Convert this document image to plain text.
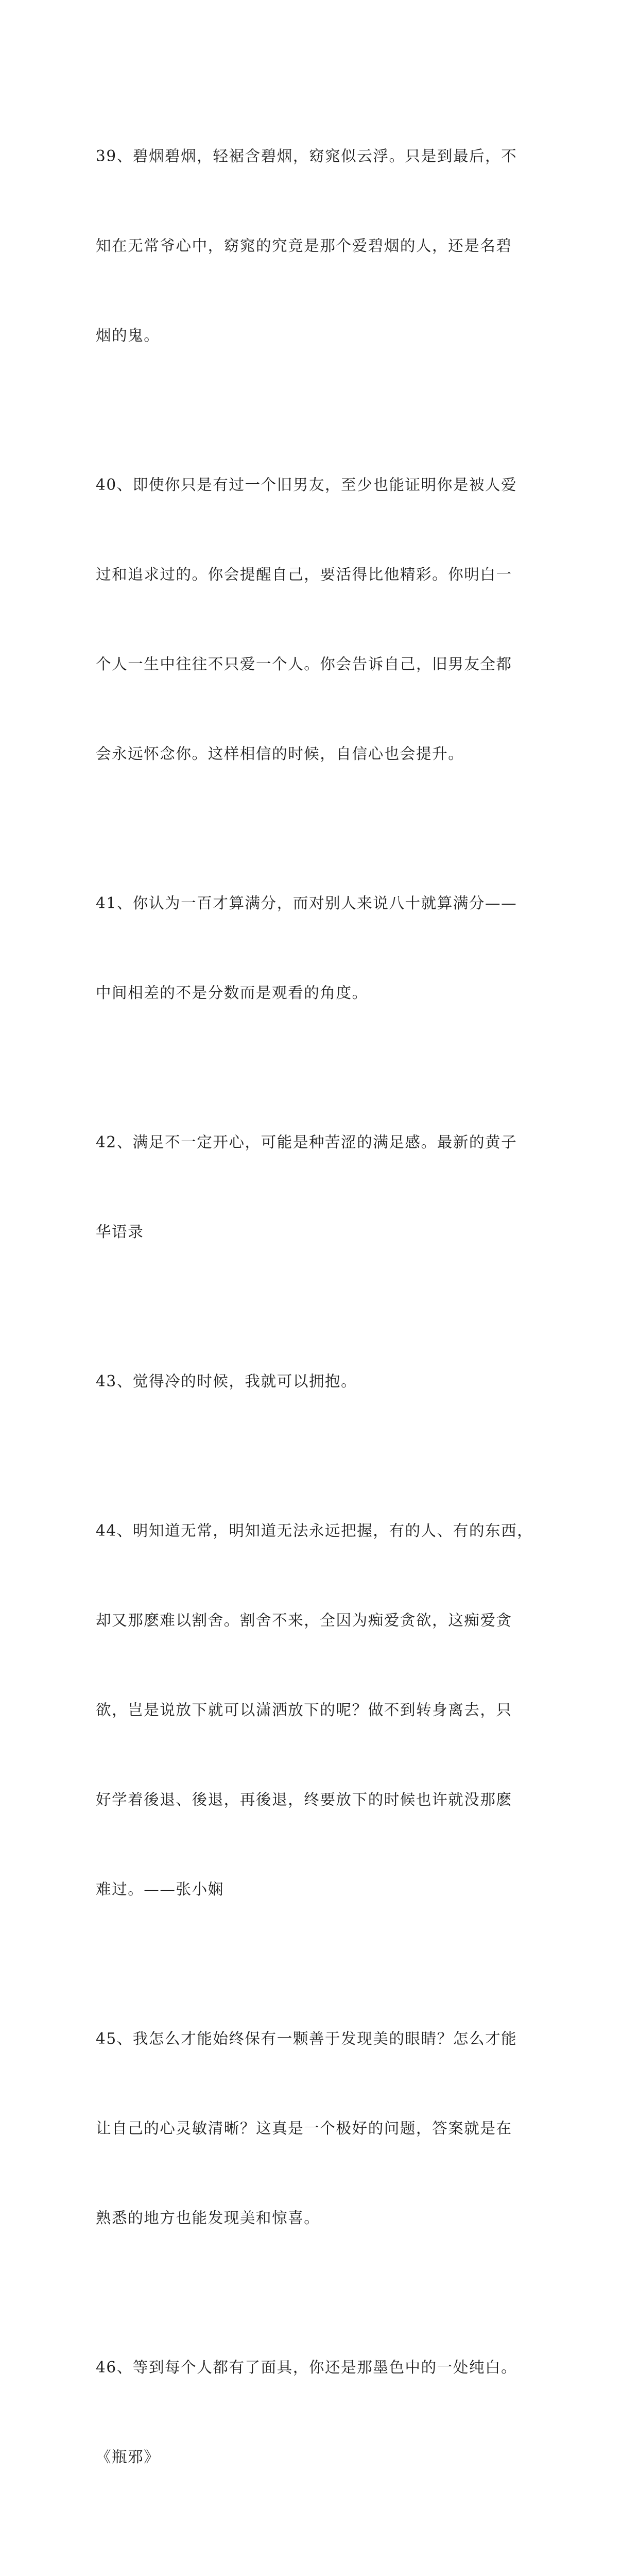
39、碧烟碧烟，轻裾含碧烟，窈窕似云浮。只是到最后，不

知在无常爷心中，窈窕的究竟是那个爱碧烟的人，还是名碧

烟的鬼。

40、即使你只是有过一个旧男友，至少也能证明你是被人爱

过和追求过的。你会提醒自己，要活得比他精彩。你明白一

个人一生中往往不只爱一个人。你会告诉自己，旧男友全都

会永远怀念你。这样相信的时候，自信心也会提升。

41、你认为一百才算满分，而对别人来说八十就算满分——

中间相差的不是分数而是观看的角度。

42、满足不一定开心，可能是种苦涩的满足感。最新的黄子

华语录

43、觉得冷的时候，我就可以拥抱。

44、明知道无常，明知道无法永远把握，有的人、有的东西，

却又那麽难以割舍。割舍不来，全因为痴爱贪欲，这痴爱贪

欲，岂是说放下就可以潇洒放下的呢？做不到转身离去，只

好学着後退、後退，再後退，终要放下的时候也许就没那麽

难过。——张小娴

45、我怎么才能始终保有一颗善于发现美的眼睛？怎么才能

让自己的心灵敏清晰？这真是一个极好的问题，答案就是在

熟悉的地方也能发现美和惊喜。

46、等到每个人都有了面具，你还是那墨色中的一处纯白。

《瓶邪》
